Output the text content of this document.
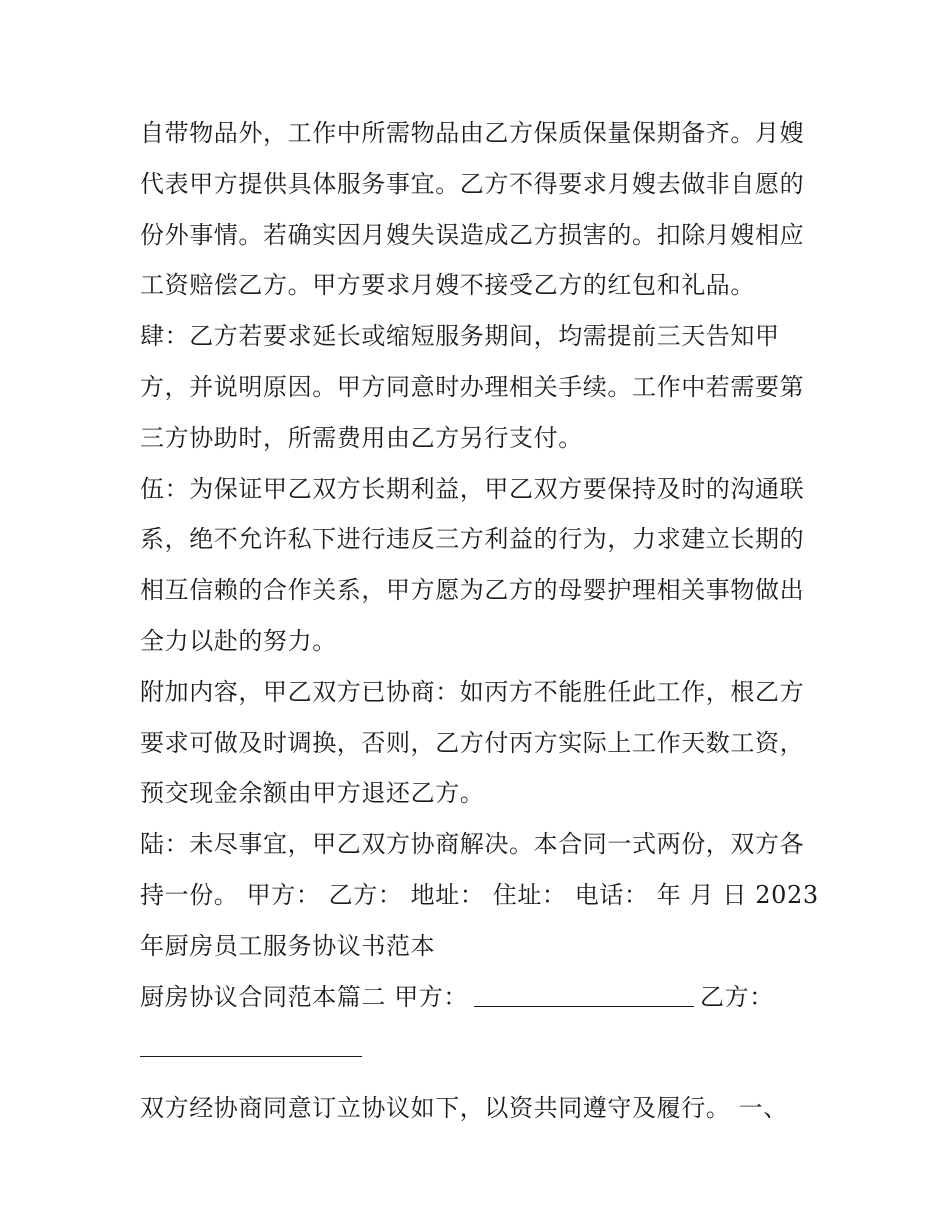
自带物品外，工作中所需物品由乙方保质保量保期备齐。月嫂
代表甲方提供具体服务事宜。乙方不得要求月嫂去做非自愿的
份外事情。若确实因月嫂失误造成乙方损害的。扣除月嫂相应
工资赔偿乙方。甲方要求月嫂不接受乙方的红包和礼品。
肆：乙方若要求延长或缩短服务期间，均需提前三天告知甲
方，并说明原因。甲方同意时办理相关手续。工作中若需要第
三方协助时，所需费用由乙方另行支付。
伍：为保证甲乙双方长期利益，甲乙双方要保持及时的沟通联
系，绝不允许私下进行违反三方利益的行为，力求建立长期的
相互信赖的合作关系，甲方愿为乙方的母婴护理相关事物做出
全力以赴的努力。
附加内容，甲乙双方已协商：如丙方不能胜任此工作，根乙方
要求可做及时调换，否则，乙方付丙方实际上工作天数工资，
预交现金余额由甲方退还乙方。
陆：未尽事宜，甲乙双方协商解决。本合同一式两份，双方各
持一份。 甲方： 乙方： 地址： 住址： 电话： 年 月 日 2023
年厨房员工服务协议书范本
厨房协议合同范本篇二 甲方：	乙方：
双方经协商同意订立协议如下，以资共同遵守及履行。 一、
